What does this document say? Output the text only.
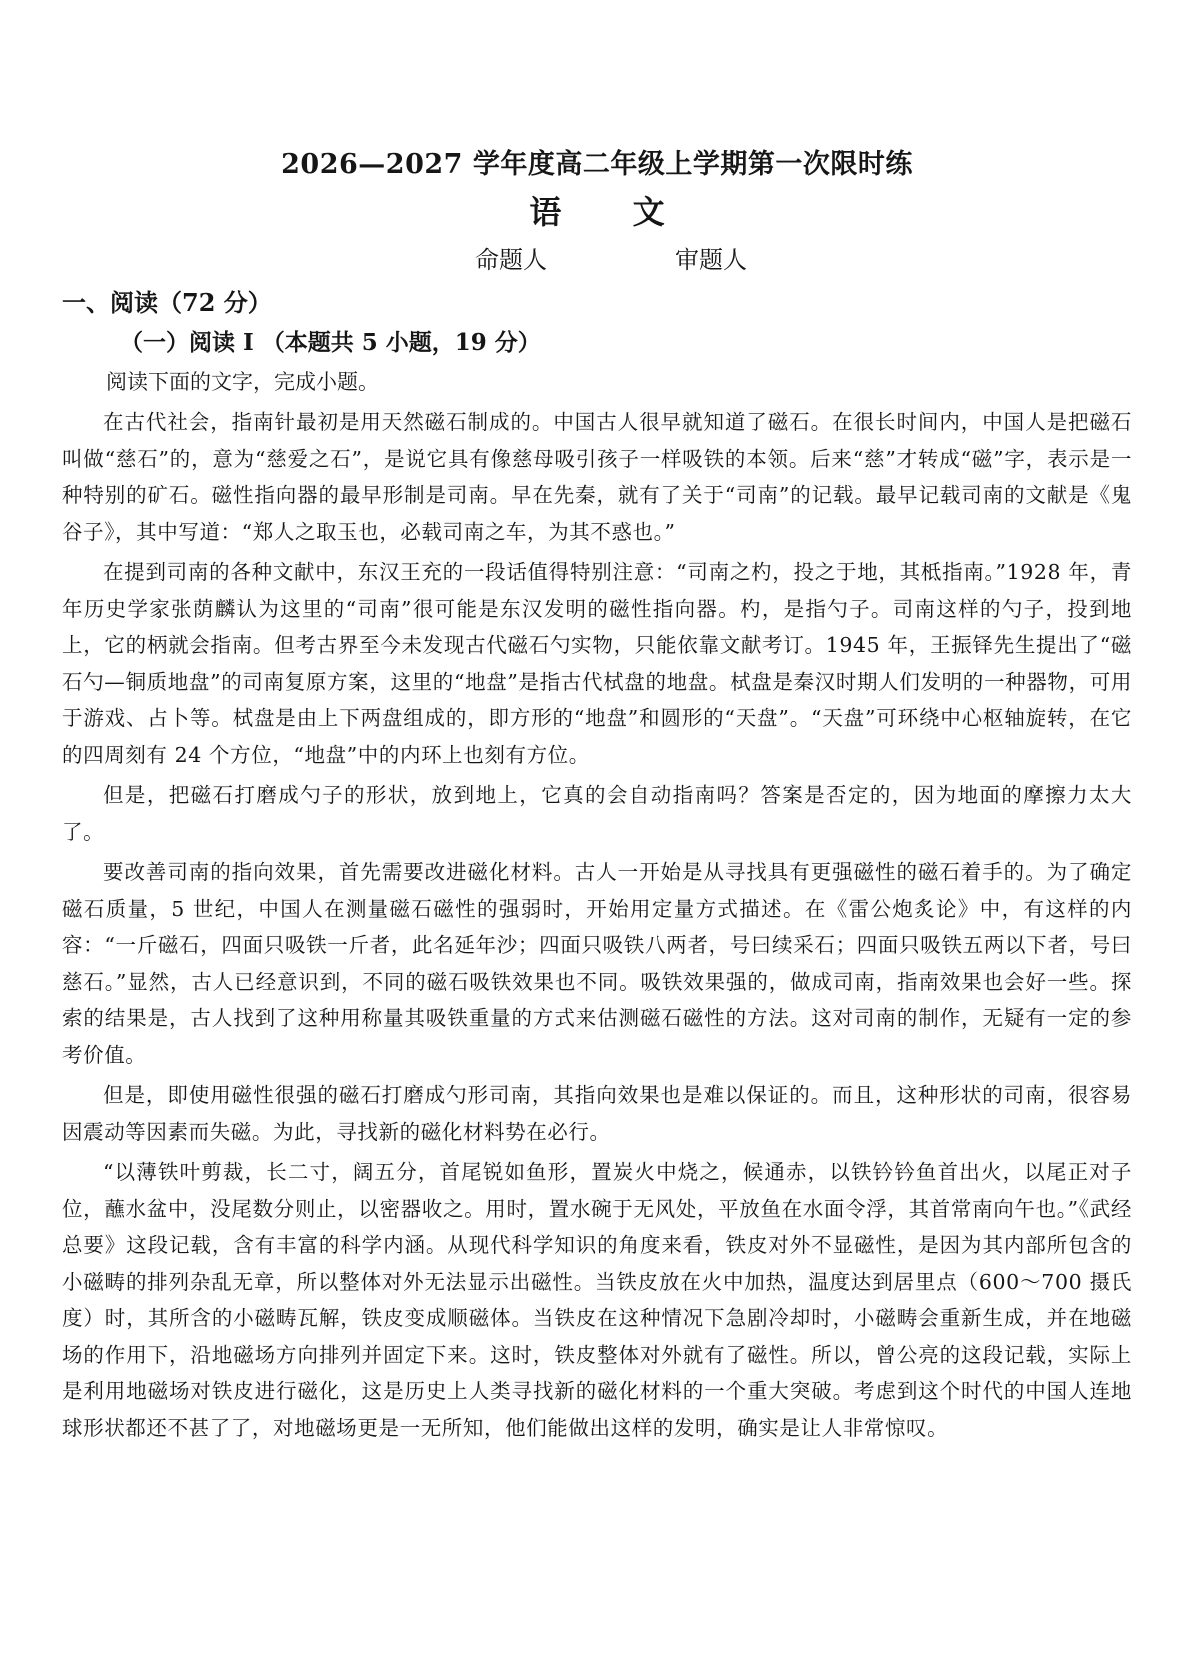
2026—2027 学年度高二年级上学期第一次限时练
语 文
命题人	审题人
一、阅读（72 分）
（一）阅读 I （本题共 5 小题，19 分）
阅读下面的文字，完成小题。

在古代社会，指南针最初是用天然磁石制成的。中国古人很早就知道了磁石。在很长时间内，中国人是把磁石叫做“慈石”的，意为“慈爱之石”，是说它具有像慈母吸引孩子一样吸铁的本领。后来“慈”才转成“磁”字，表示是一种特别的矿石。磁性指向器的最早形制是司南。早在先秦，就有了关于“司南”的记载。最早记载司南的文献是《鬼谷子》，其中写道：“郑人之取玉也，必载司南之车，为其不惑也。”

在提到司南的各种文献中，东汉王充的一段话值得特别注意：“司南之杓，投之于地，其柢指南。”1928 年，青年历史学家张荫麟认为这里的“司南”很可能是东汉发明的磁性指向器。杓，是指勺子。司南这样的勺子，投到地上，它的柄就会指南。但考古界至今未发现古代磁石勺实物，只能依靠文献考订。1945 年，王振铎先生提出了“磁石勺—铜质地盘”的司南复原方案，这里的“地盘”是指古代栻盘的地盘。栻盘是秦汉时期人们发明的一种器物，可用于游戏、占卜等。栻盘是由上下两盘组成的，即方形的“地盘”和圆形的“天盘”。“天盘”可环绕中心枢轴旋转，在它的四周刻有 24 个方位，“地盘”中的内环上也刻有方位。

但是，把磁石打磨成勺子的形状，放到地上，它真的会自动指南吗？答案是否定的，因为地面的摩擦力太大了。

要改善司南的指向效果，首先需要改进磁化材料。古人一开始是从寻找具有更强磁性的磁石着手的。为了确定磁石质量，5 世纪，中国人在测量磁石磁性的强弱时，开始用定量方式描述。在《雷公炮炙论》中，有这样的内容：“一斤磁石，四面只吸铁一斤者，此名延年沙；四面只吸铁八两者，号曰续采石；四面只吸铁五两以下者，号曰慈石。”显然，古人已经意识到，不同的磁石吸铁效果也不同。吸铁效果强的，做成司南，指南效果也会好一些。探索的结果是，古人找到了这种用称量其吸铁重量的方式来估测磁石磁性的方法。这对司南的制作，无疑有一定的参考价值。

但是，即使用磁性很强的磁石打磨成勺形司南，其指向效果也是难以保证的。而且，这种形状的司南，很容易因震动等因素而失磁。为此，寻找新的磁化材料势在必行。

“以薄铁叶剪裁，长二寸，阔五分，首尾锐如鱼形，置炭火中烧之，候通赤，以铁钤钤鱼首出火，以尾正对子位，蘸水盆中，没尾数分则止，以密器收之。用时，置水碗于无风处，平放鱼在水面令浮，其首常南向午也。”《武经总要》这段记载，含有丰富的科学内涵。从现代科学知识的角度来看，铁皮对外不显磁性，是因为其内部所包含的小磁畴的排列杂乱无章，所以整体对外无法显示出磁性。当铁皮放在火中加热，温度达到居里点（600～700 摄氏度）时，其所含的小磁畴瓦解，铁皮变成顺磁体。当铁皮在这种情况下急剧冷却时，小磁畴会重新生成，并在地磁场的作用下，沿地磁场方向排列并固定下来。这时，铁皮整体对外就有了磁性。所以，曾公亮的这段记载，实际上是利用地磁场对铁皮进行磁化，这是历史上人类寻找新的磁化材料的一个重大突破。考虑到这个时代的中国人连地球形状都还不甚了了，对地磁场更是一无所知，他们能做出这样的发明，确实是让人非常惊叹。
